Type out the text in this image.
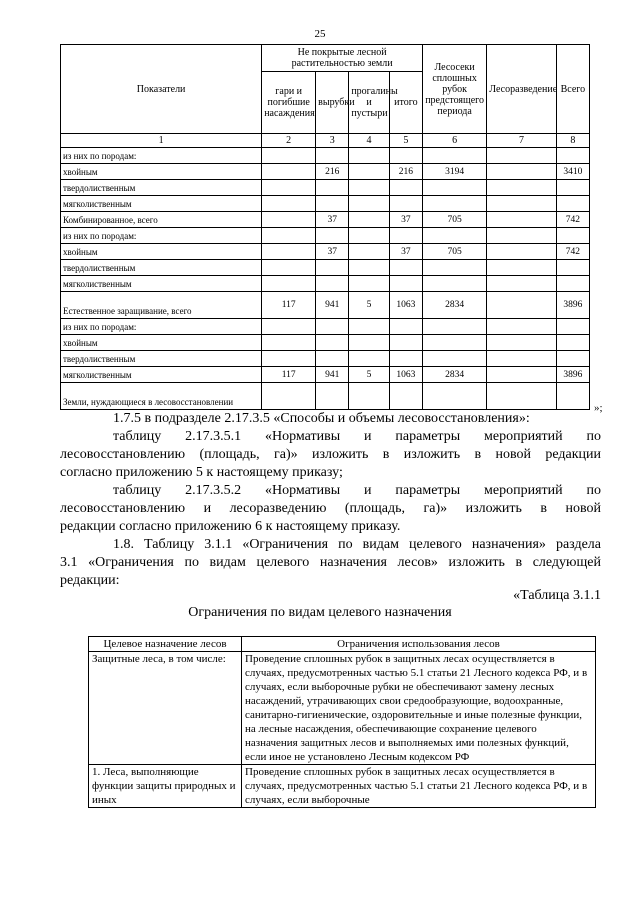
25
Показатели	Не покрытые лесной растительностью земли				Лесосеки сплошных рубок предстоящего периода	Лесоразведение	Всего
	гари и погибшие насаждения	вырубки	прогалины и пустыри	итого			
1	2	3	4	5	6	7	8
из них по породам:							
хвойным		216		216	3194		3410
твердолиственным							
мягколиственным							
Комбинированное, всего		37		37	705		742
из них по породам:							
хвойным		37		37	705		742
твердолиственным							
мягколиственным							
Естественное заращивание, всего	117	941	5	1063	2834		3896
из них по породам:							
хвойным							
твердолиственным							
мягколиственным	117	941	5	1063	2834		3896
Земли, нуждающиеся в лесовосстановлении								»;

1.7.5 в подразделе 2.17.3.5 «Способы и объемы лесовосстановления»:

таблицу 2.17.3.5.1 «Нормативы и параметры мероприятий по

лесовосстановлению (площадь, га)» изложить в изложить в новой редакции

согласно приложению 5 к настоящему приказу;

таблицу 2.17.3.5.2 «Нормативы и параметры мероприятий по

лесовосстановлению и лесоразведению (площадь, га)» изложить в новой

редакции согласно приложению 6 к настоящему приказу.

1.8. Таблицу 3.1.1 «Ограничения по видам целевого назначения» раздела

3.1 «Ограничения по видам целевого назначения лесов» изложить в следующей

редакции:

«Таблица 3.1.1
Ограничения по видам целевого назначения
Целевое назначение лесов	Ограничения использования лесов
Защитные леса, в том числе:	Проведение сплошных рубок в защитных лесах осуществляется в случаях, предусмотренных частью 5.1 статьи 21 Лесного кодекса РФ, и в случаях, если выборочные рубки не обеспечивают замену лесных насаждений, утрачивающих свои средообразующие, водоохранные, санитарно-гигиенические, оздоровительные и иные полезные функции, на лесные насаждения, обеспечивающие сохранение целевого назначения защитных лесов и выполняемых ими полезных функций, если иное не установлено Лесным кодексом РФ
1. Леса, выполняющие функции защиты природных и иных	Проведение сплошных рубок в защитных лесах осуществляется в случаях, предусмотренных частью 5.1 статьи 21 Лесного кодекса РФ, и в случаях, если выборочные
